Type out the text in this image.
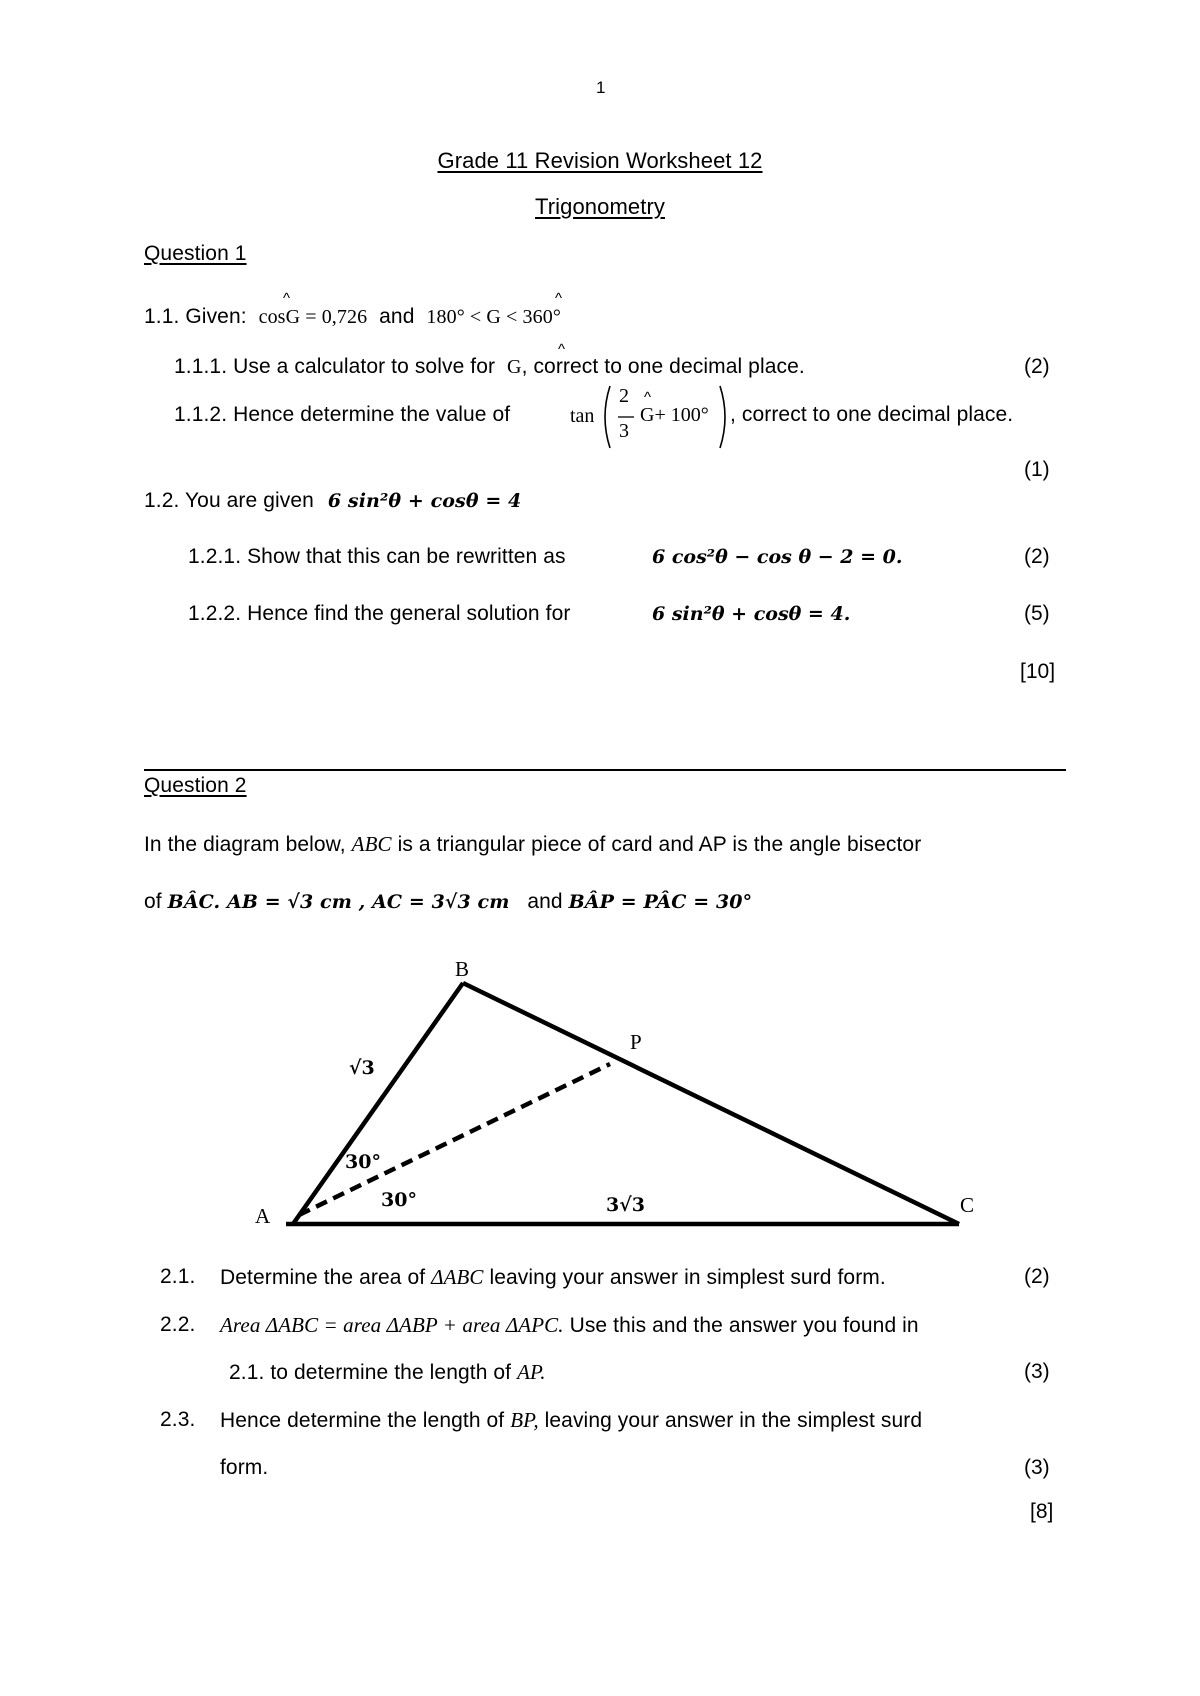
1
Grade 11 Revision Worksheet 12
Trigonometry
Question 1
1.1. Given: cosG = 0,726 and 180° < G < 360°
^	^
1.1.1. Use a calculator to solve for G, correct to one decimal place.
^
(2)
1.1.2. Hence determine the value of	tan
2
3
^
G+ 100° , correct to one decimal place.
(1)
1.2. You are given 6 sin²θ + cosθ = 4
1.2.1. Show that this can be rewritten as	6 cos²θ − cos θ − 2 = 0.	(2)
1.2.2. Hence find the general solution for	6 sin²θ + cosθ = 4.	(5)
[10]
Question 2
In the diagram below, ABC is a triangular piece of card and AP is the angle bisector
of BÂC. AB = √3 cm , AC = 3√3 cm and BÂP = PÂC = 30°
B
P
A	C
√3
3√3
30°
30°
2.1. Determine the area of ΔABC leaving your answer in simplest surd form.	(2)
2.2. Area ΔABC = area ΔABP + area ΔAPC. Use this and the answer you found in
2.1. to determine the length of AP.	(3)
2.3. Hence determine the length of BP, leaving your answer in the simplest surd
form.	(3)
[8]
